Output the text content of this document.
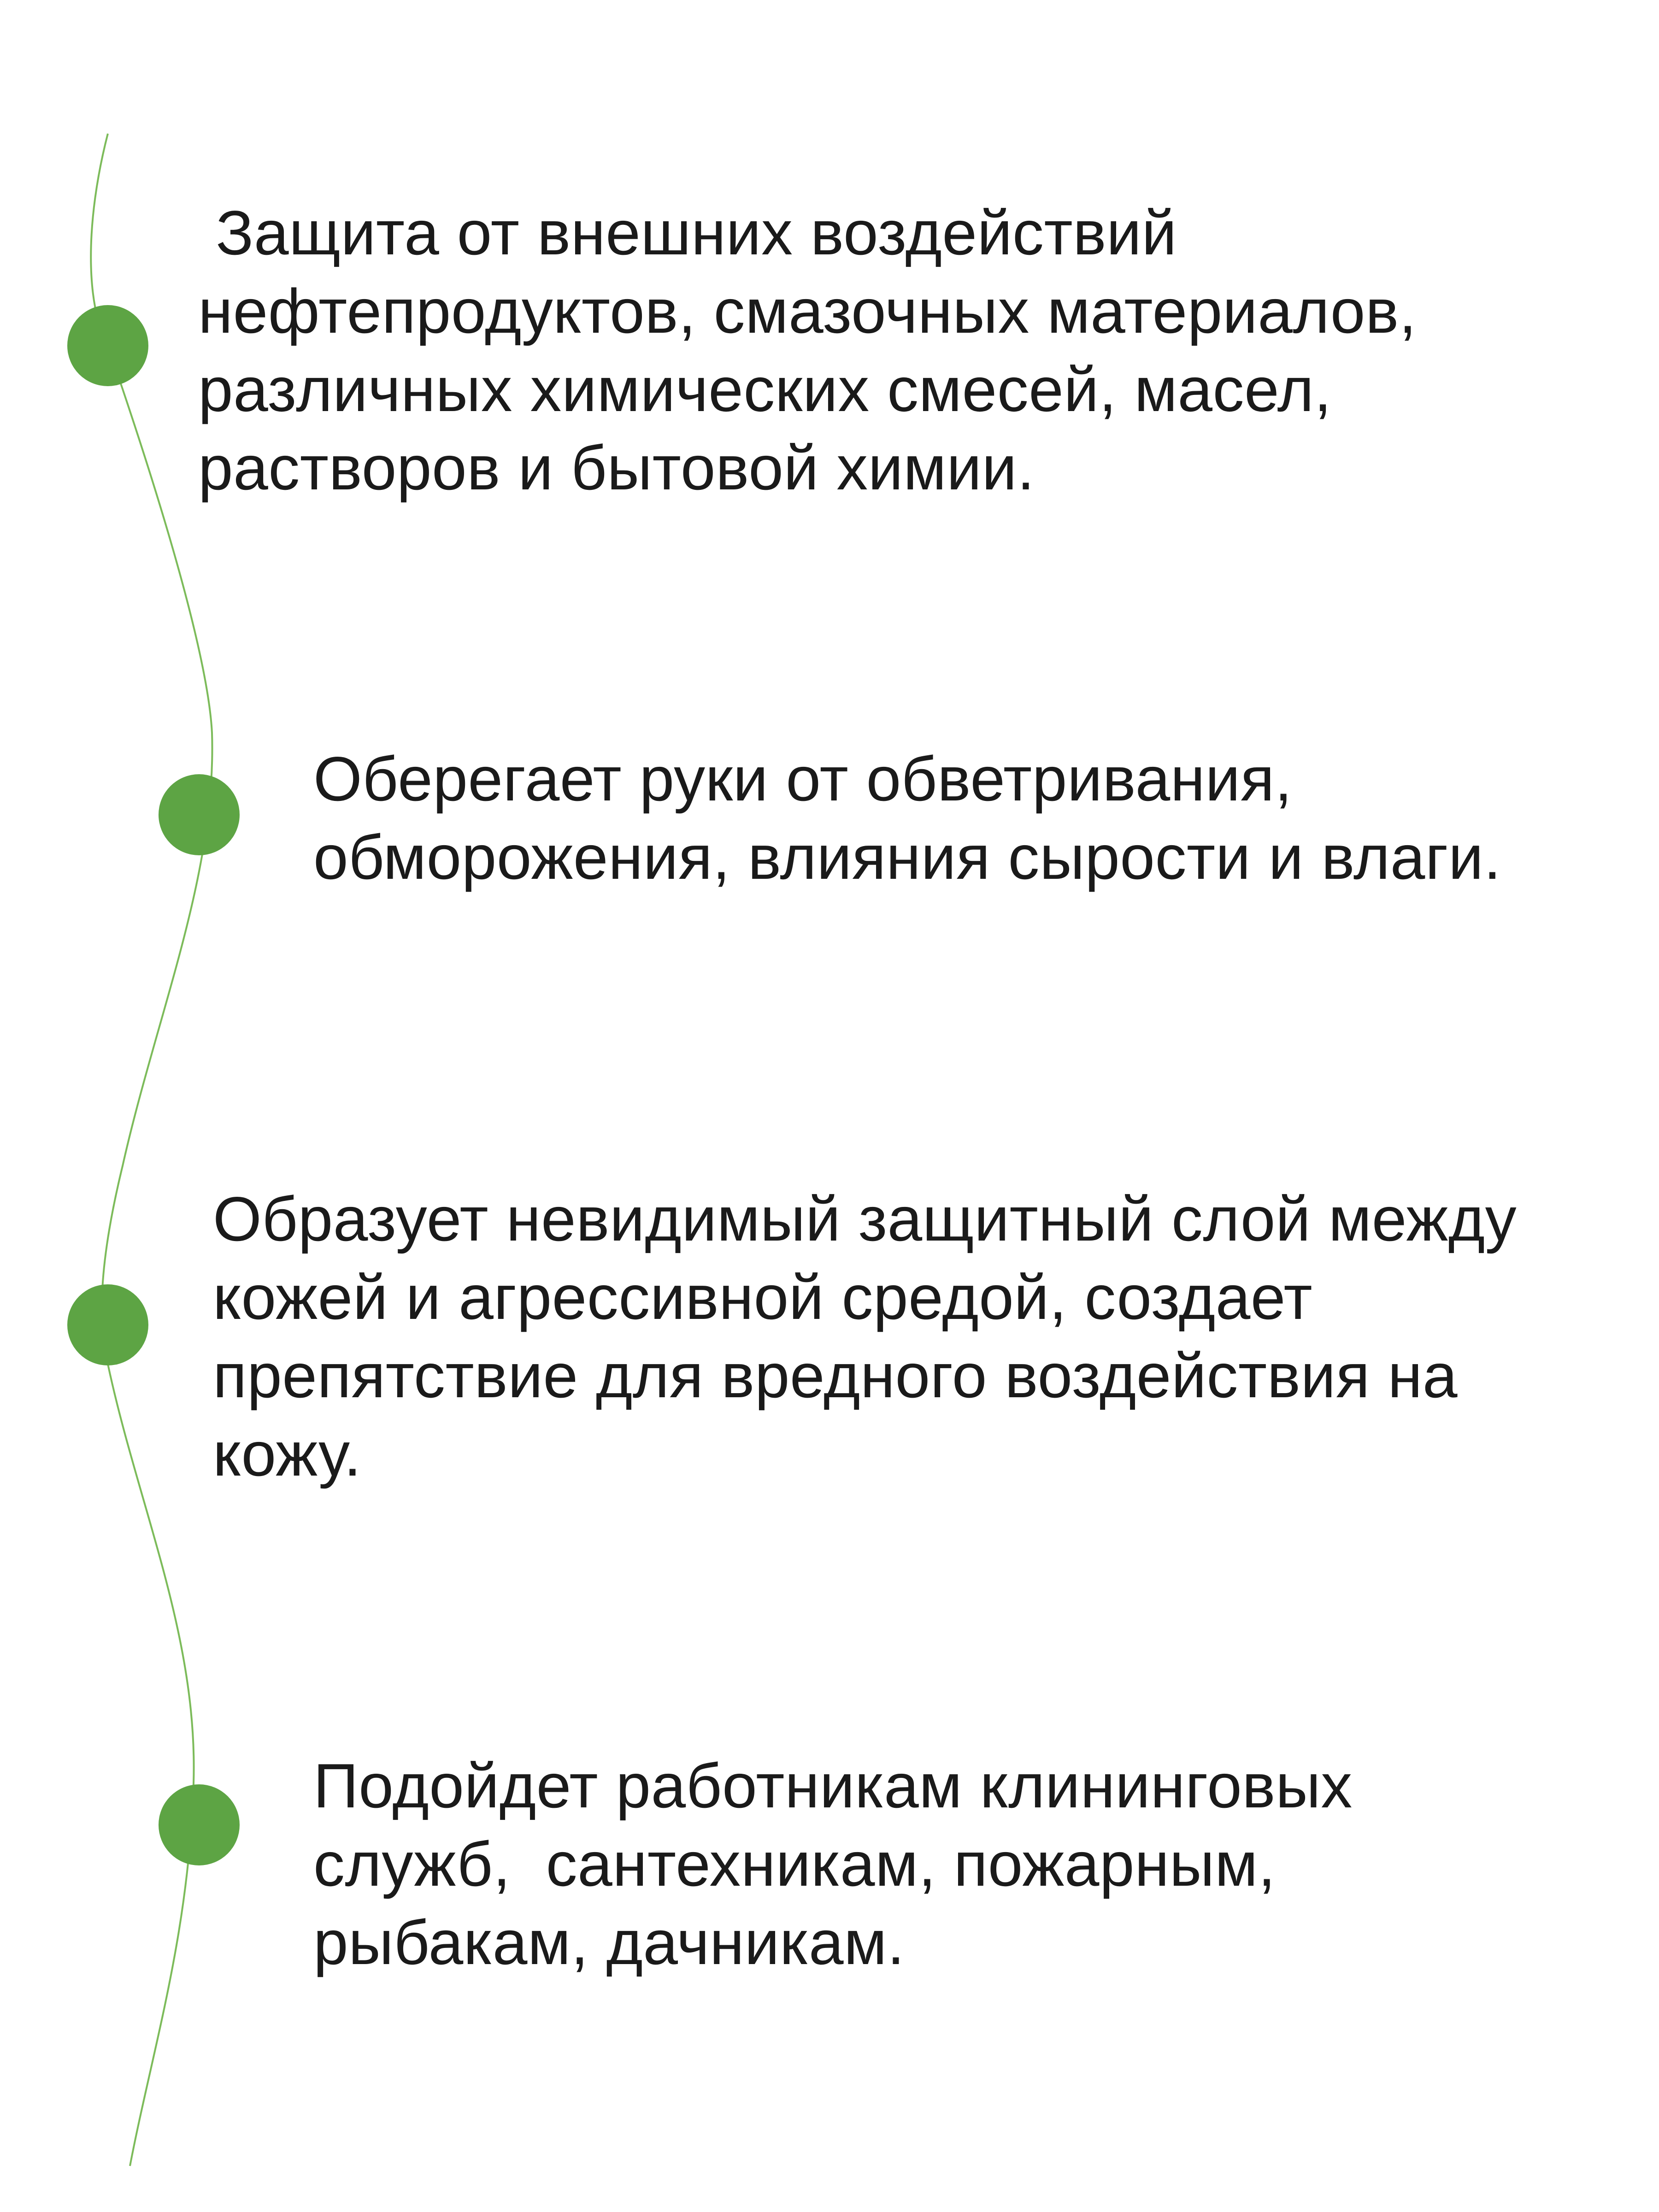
Защита от внешних воздействий
нефтепродуктов, смазочных материалов,
различных химических смесей, масел,
растворов и бытовой химии.
Оберегает руки от обветривания,
обморожения, влияния сырости и влаги.
Образует невидимый защитный слой между
кожей и агрессивной средой, создает
препятствие для вредного воздействия на
кожу.
Подойдет работникам клининговых
служб,  сантехникам, пожарным,
рыбакам, дачникам.
